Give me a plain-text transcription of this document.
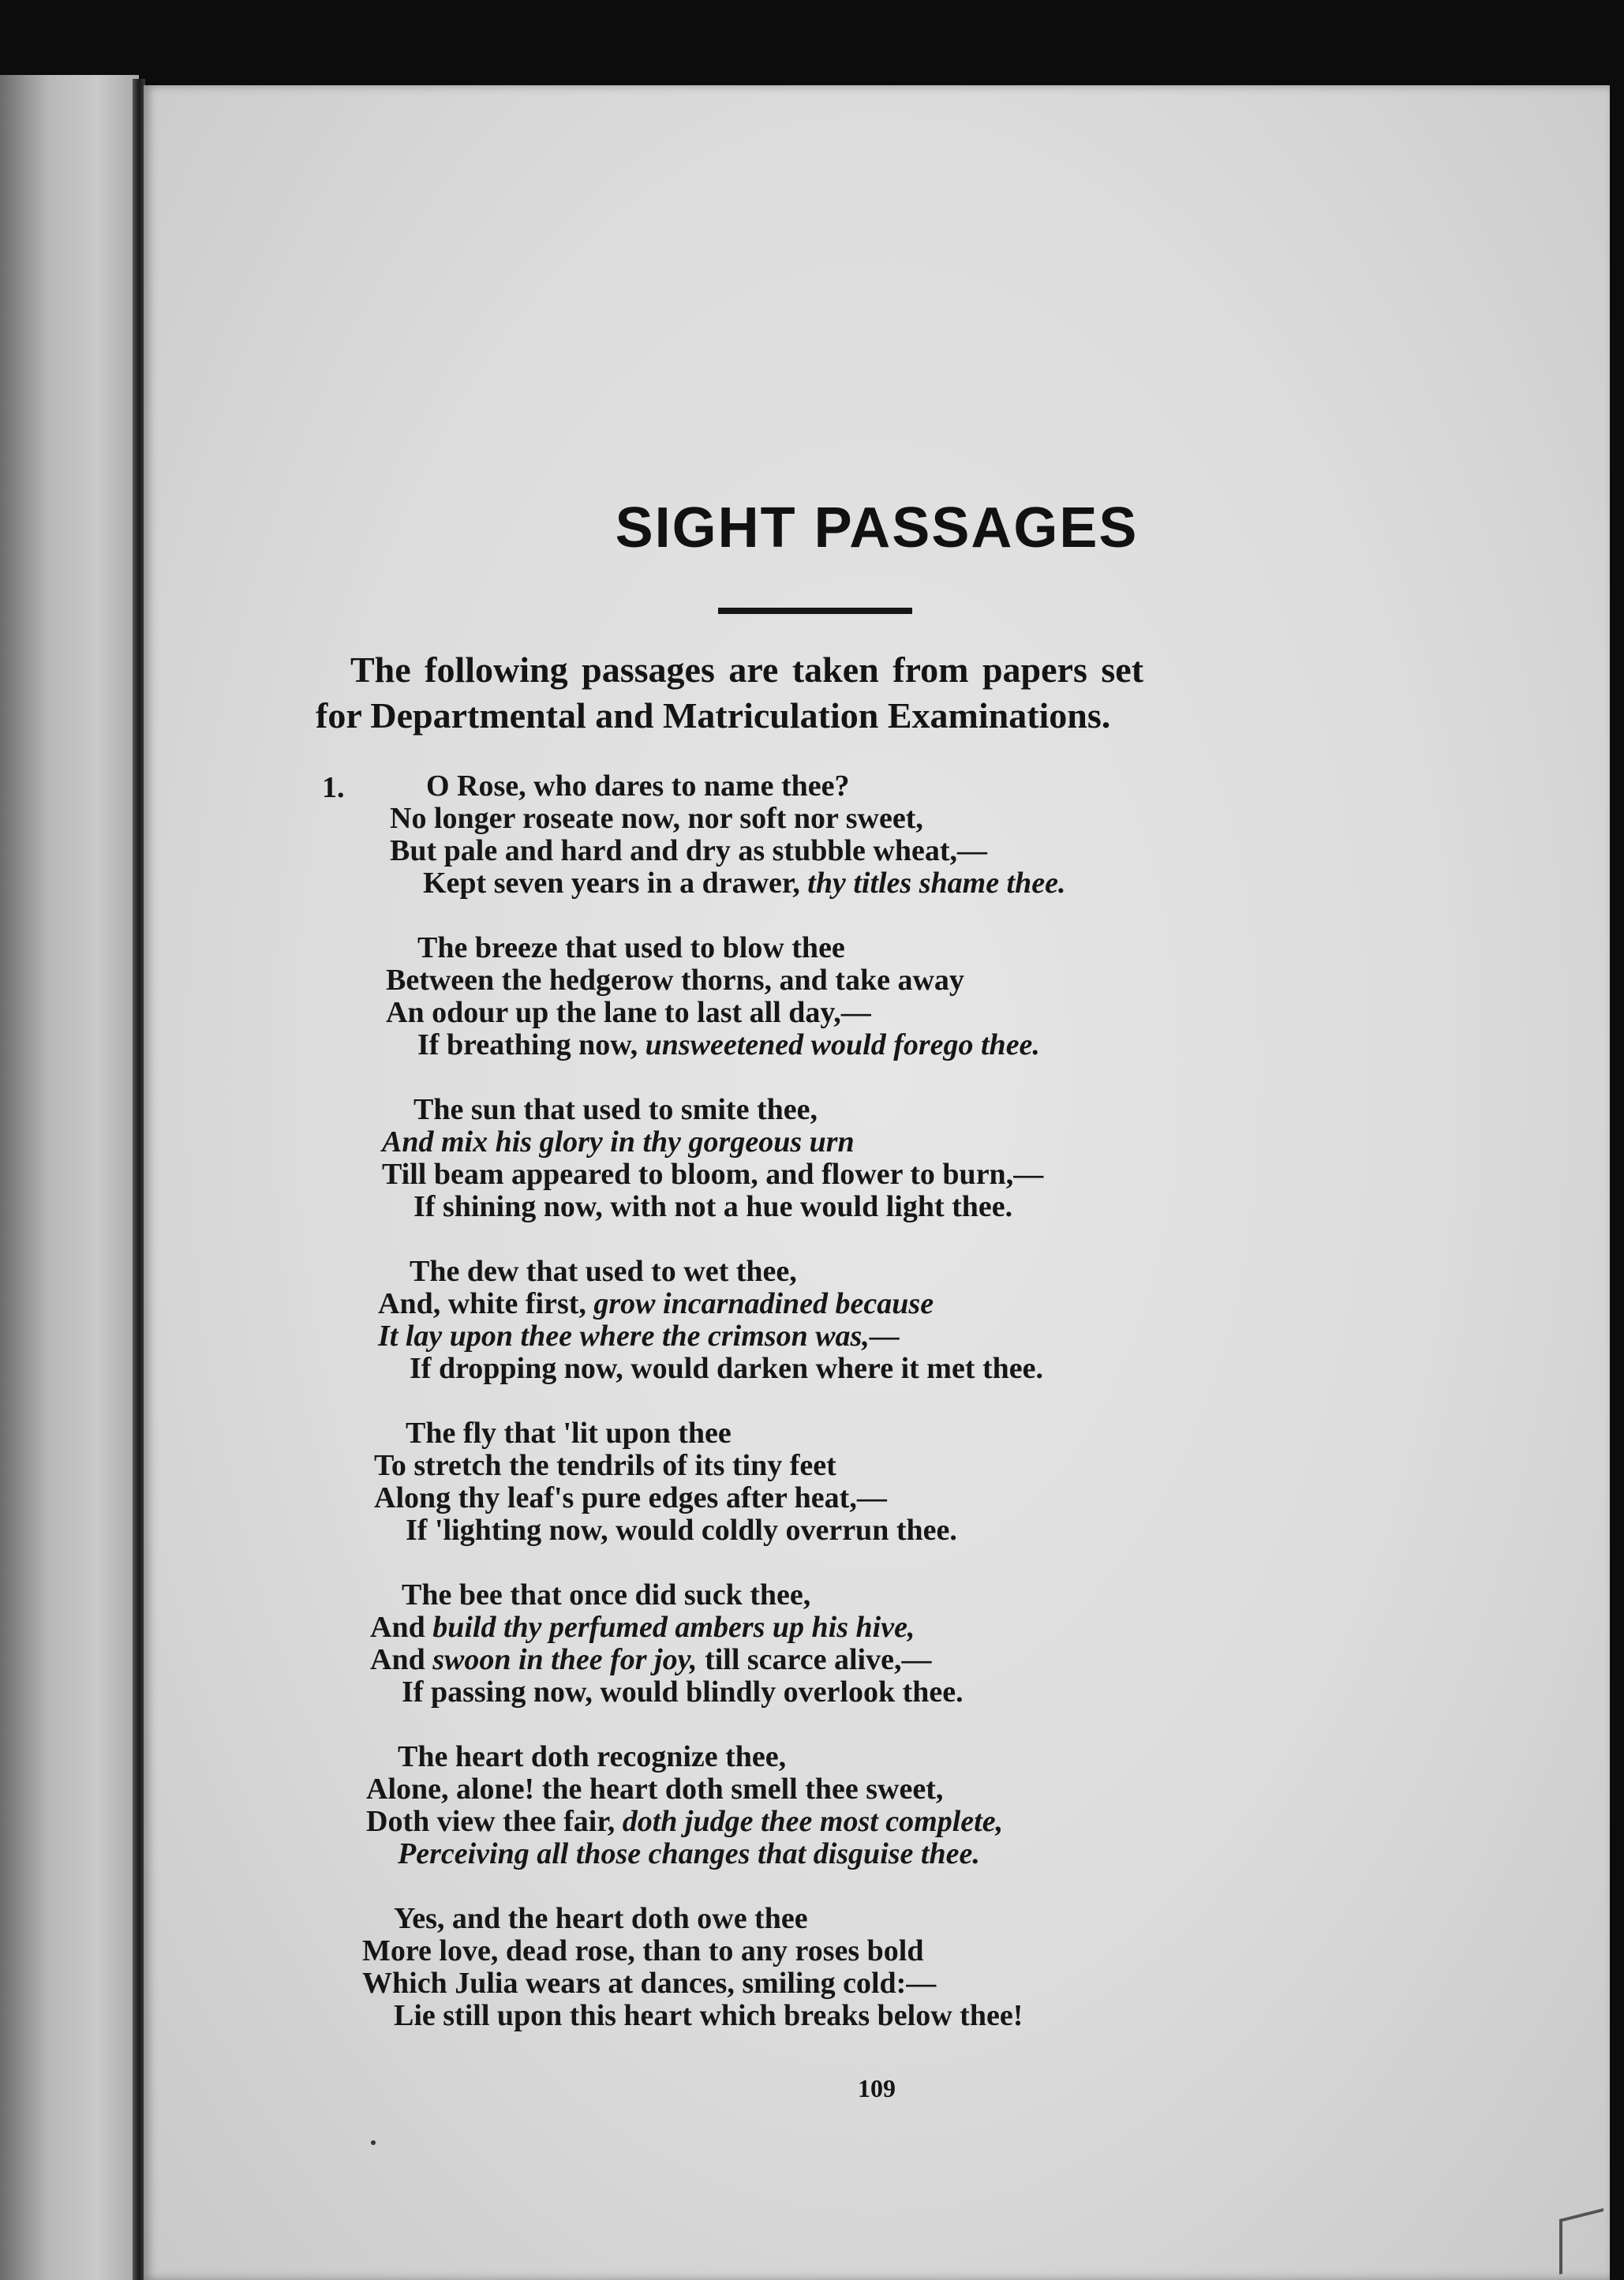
SIGHT PASSAGES
The following passages are taken from papers set
for Departmental and Matriculation Examinations.
1.	O Rose, who dares to name thee?
No longer roseate now, nor soft nor sweet,
But pale and hard and dry as stubble wheat,—
Kept seven years in a drawer, thy titles shame thee.
The breeze that used to blow thee
Between the hedgerow thorns, and take away
An odour up the lane to last all day,—
If breathing now, unsweetened would forego thee.
The sun that used to smite thee,
And mix his glory in thy gorgeous urn
Till beam appeared to bloom, and flower to burn,—
If shining now, with not a hue would light thee.
The dew that used to wet thee,
And, white first, grow incarnadined because
It lay upon thee where the crimson was,—
If dropping now, would darken where it met thee.
The fly that 'lit upon thee
To stretch the tendrils of its tiny feet
Along thy leaf's pure edges after heat,—
If 'lighting now, would coldly overrun thee.
The bee that once did suck thee,
And build thy perfumed ambers up his hive,
And swoon in thee for joy, till scarce alive,—
If passing now, would blindly overlook thee.
The heart doth recognize thee,
Alone, alone! the heart doth smell thee sweet,
Doth view thee fair, doth judge thee most complete,
Perceiving all those changes that disguise thee.
Yes, and the heart doth owe thee
More love, dead rose, than to any roses bold
Which Julia wears at dances, smiling cold:—
Lie still upon this heart which breaks below thee!
109
